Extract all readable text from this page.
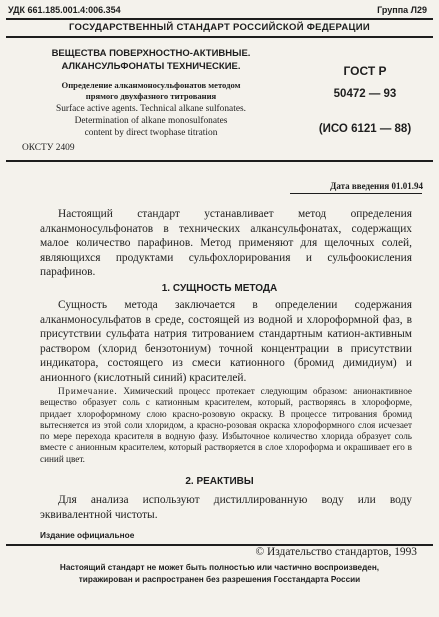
УДК 661.185.001.4:006.354	Группа Л29
ГОСУДАРСТВЕННЫЙ СТАНДАРТ РОССИЙСКОЙ ФЕДЕРАЦИИ
ВЕЩЕСТВА ПОВЕРХНОСТНО-АКТИВНЫЕ.
АЛКАНСУЛЬФОНАТЫ ТЕХНИЧЕСКИЕ.
Определение алканмоносульфонатов методом
прямого двухфазного титрования
Surface active agents. Technical alkane sulfonates.
Determination of alkane monosulfonates
content by direct twophase titration
ОКСТУ 2409
ГОСТ Р
50472 — 93
(ИСО 6121 — 88)
Дата введения 01.01.94

Настоящий стандарт устанавливает метод определения алканмоносульфонатов в технических алкансульфонатах, содержащих малое количество парафинов. Метод применяют для щелочных солей, являющихся продуктами сульфохлорирования и сульфоокисления парафинов.

1. СУЩНОСТЬ МЕТОДА

Сущность метода заключается в определении содержания алканмоносульфатов в среде, состоящей из водной и хлороформной фаз, в присутствии сульфата натрия титрованием стандартным катион-активным раствором (хлорид бензотониум) точной концентрации в присутствии индикатора, состоящего из смеси катионного (бромид димидиум) и анионного (кислотный синий) красителей.

Примечание. Химический процесс протекает следующим образом: анионактивное вещество образует соль с катионным красителем, который, растворяясь в хлороформе, придает хлороформному слою красно-розовую окраску. В процессе титрования бромид вытесняется из этой соли хлоридом, а красно-розовая окраска хлороформного слоя исчезает по мере перехода красителя в водную фазу. Избыточное количество хлорида образует соль вместе с анионным красителем, который растворяется в слое хлороформа и окрашивает его в синий цвет.

2. РЕАКТИВЫ

Для анализа используют дистиллированную воду или воду эквивалентной чистоты.

Издание официальное
© Издательство стандартов, 1993
Настоящий стандарт не может быть полностью или частично воспроизведен,
тиражирован и распространен без разрешения Госстандарта России
